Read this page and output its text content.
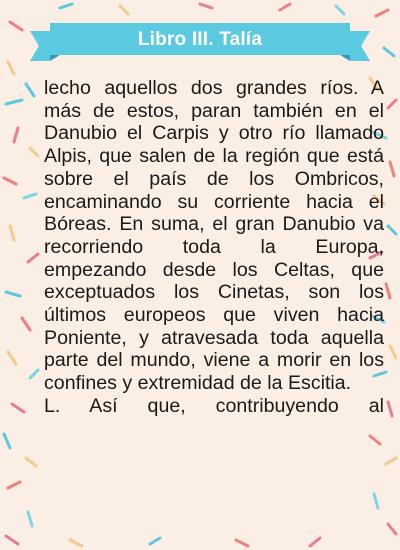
Libro III. Talía

lecho aquellos dos grandes ríos. A más de estos, paran también en el Danubio el Carpis y otro río llamado Alpis, que salen de la región que está sobre el país de los Ombricos, encaminando su corriente hacia el Bóreas. En suma, el gran Danubio va recorriendo toda la Europa, empezando desde los Celtas, que exceptuados los Cinetas, son los últimos europeos que viven hacia Poniente, y atravesada toda aquella parte del mundo, viene a morir en los confines y extremidad de la Escitia.

L. Así que, contribuyendo al
